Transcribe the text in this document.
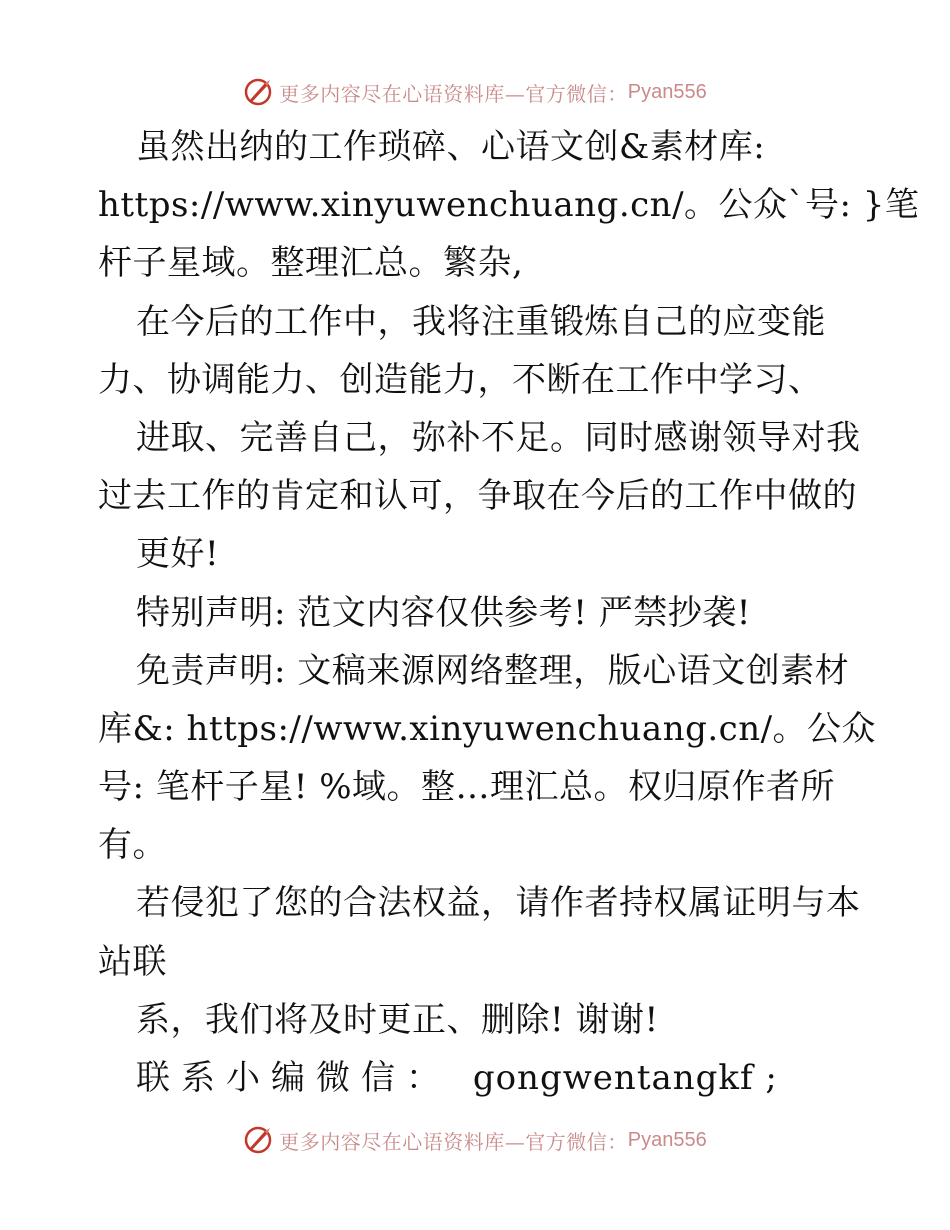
更多内容尽在心语资料库—官方微信： Pyan556
虽然出纳的工作琐碎、心语文创&素材库:
https://www.xinyuwenchuang.cn/。公众`号: }笔
杆子星域。整理汇总。繁杂,
在今后的工作中，我将注重锻炼自己的应变能
力、协调能力、创造能力，不断在工作中学习、
进取、完善自己，弥补不足。同时感谢领导对我
过去工作的肯定和认可，争取在今后的工作中做的
更好!
特别声明: 范文内容仅供参考! 严禁抄袭!
免责声明: 文稿来源网络整理，版心语文创素材
库&: https://www.xinyuwenchuang.cn/。公众
号: 笔杆子星! %域。整…理汇总。权归原作者所
有。
若侵犯了您的合法权益，请作者持权属证明与本
站联
系，我们将及时更正、删除! 谢谢!
联系小编微信： gongwentangkf ;
更多内容尽在心语资料库—官方微信： Pyan556
